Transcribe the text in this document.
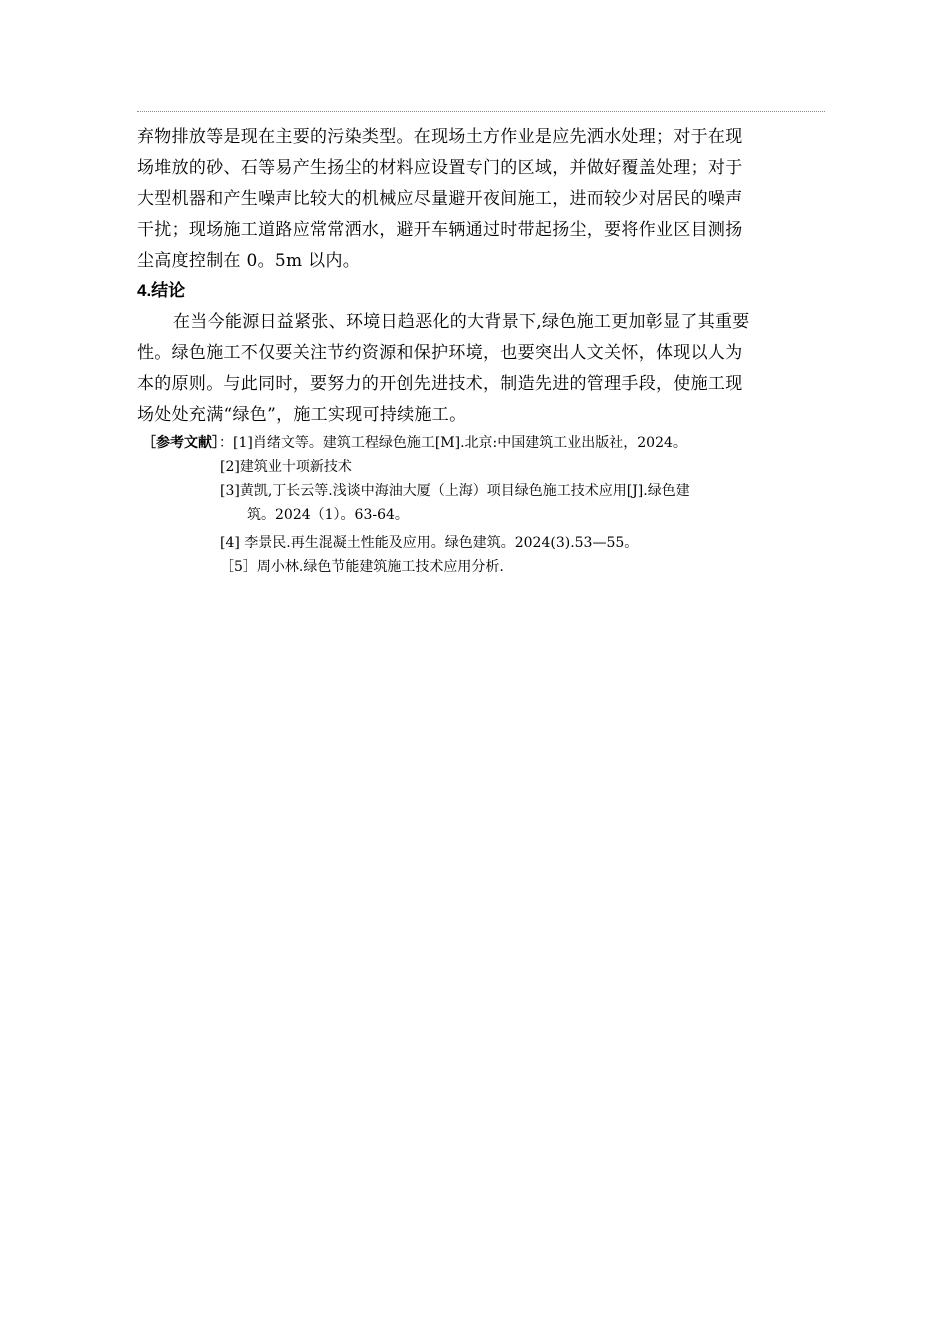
弃物排放等是现在主要的污染类型。在现场土方作业是应先洒水处理；对于在现
场堆放的砂、石等易产生扬尘的材料应设置专门的区域，并做好覆盖处理；对于
大型机器和产生噪声比较大的机械应尽量避开夜间施工，进而较少对居民的噪声
干扰；现场施工道路应常常洒水，避开车辆通过时带起扬尘，要将作业区目测扬
尘高度控制在 0。5m 以内。

4.结论

在当今能源日益紧张、环境日趋恶化的大背景下,绿色施工更加彰显了其重要
性。绿色施工不仅要关注节约资源和保护环境，也要突出人文关怀，体现以人为
本的原则。与此同时，要努力的开创先进技术，制造先进的管理手段，使施工现
场处处充满“绿色”，施工实现可持续施工。

［参考文献］：[1]肖绪文等。建筑工程绿色施工[M].北京:中国建筑工业出版社，2024。
[2]建筑业十项新技术
[3]黄凯,丁长云等.浅谈中海油大厦（上海）项目绿色施工技术应用[J].绿色建
筑。2024（1）。63-64。
[4] 李景民.再生混凝土性能及应用。绿色建筑。2024(3).53—55。
［5］周小林.绿色节能建筑施工技术应用分析.
